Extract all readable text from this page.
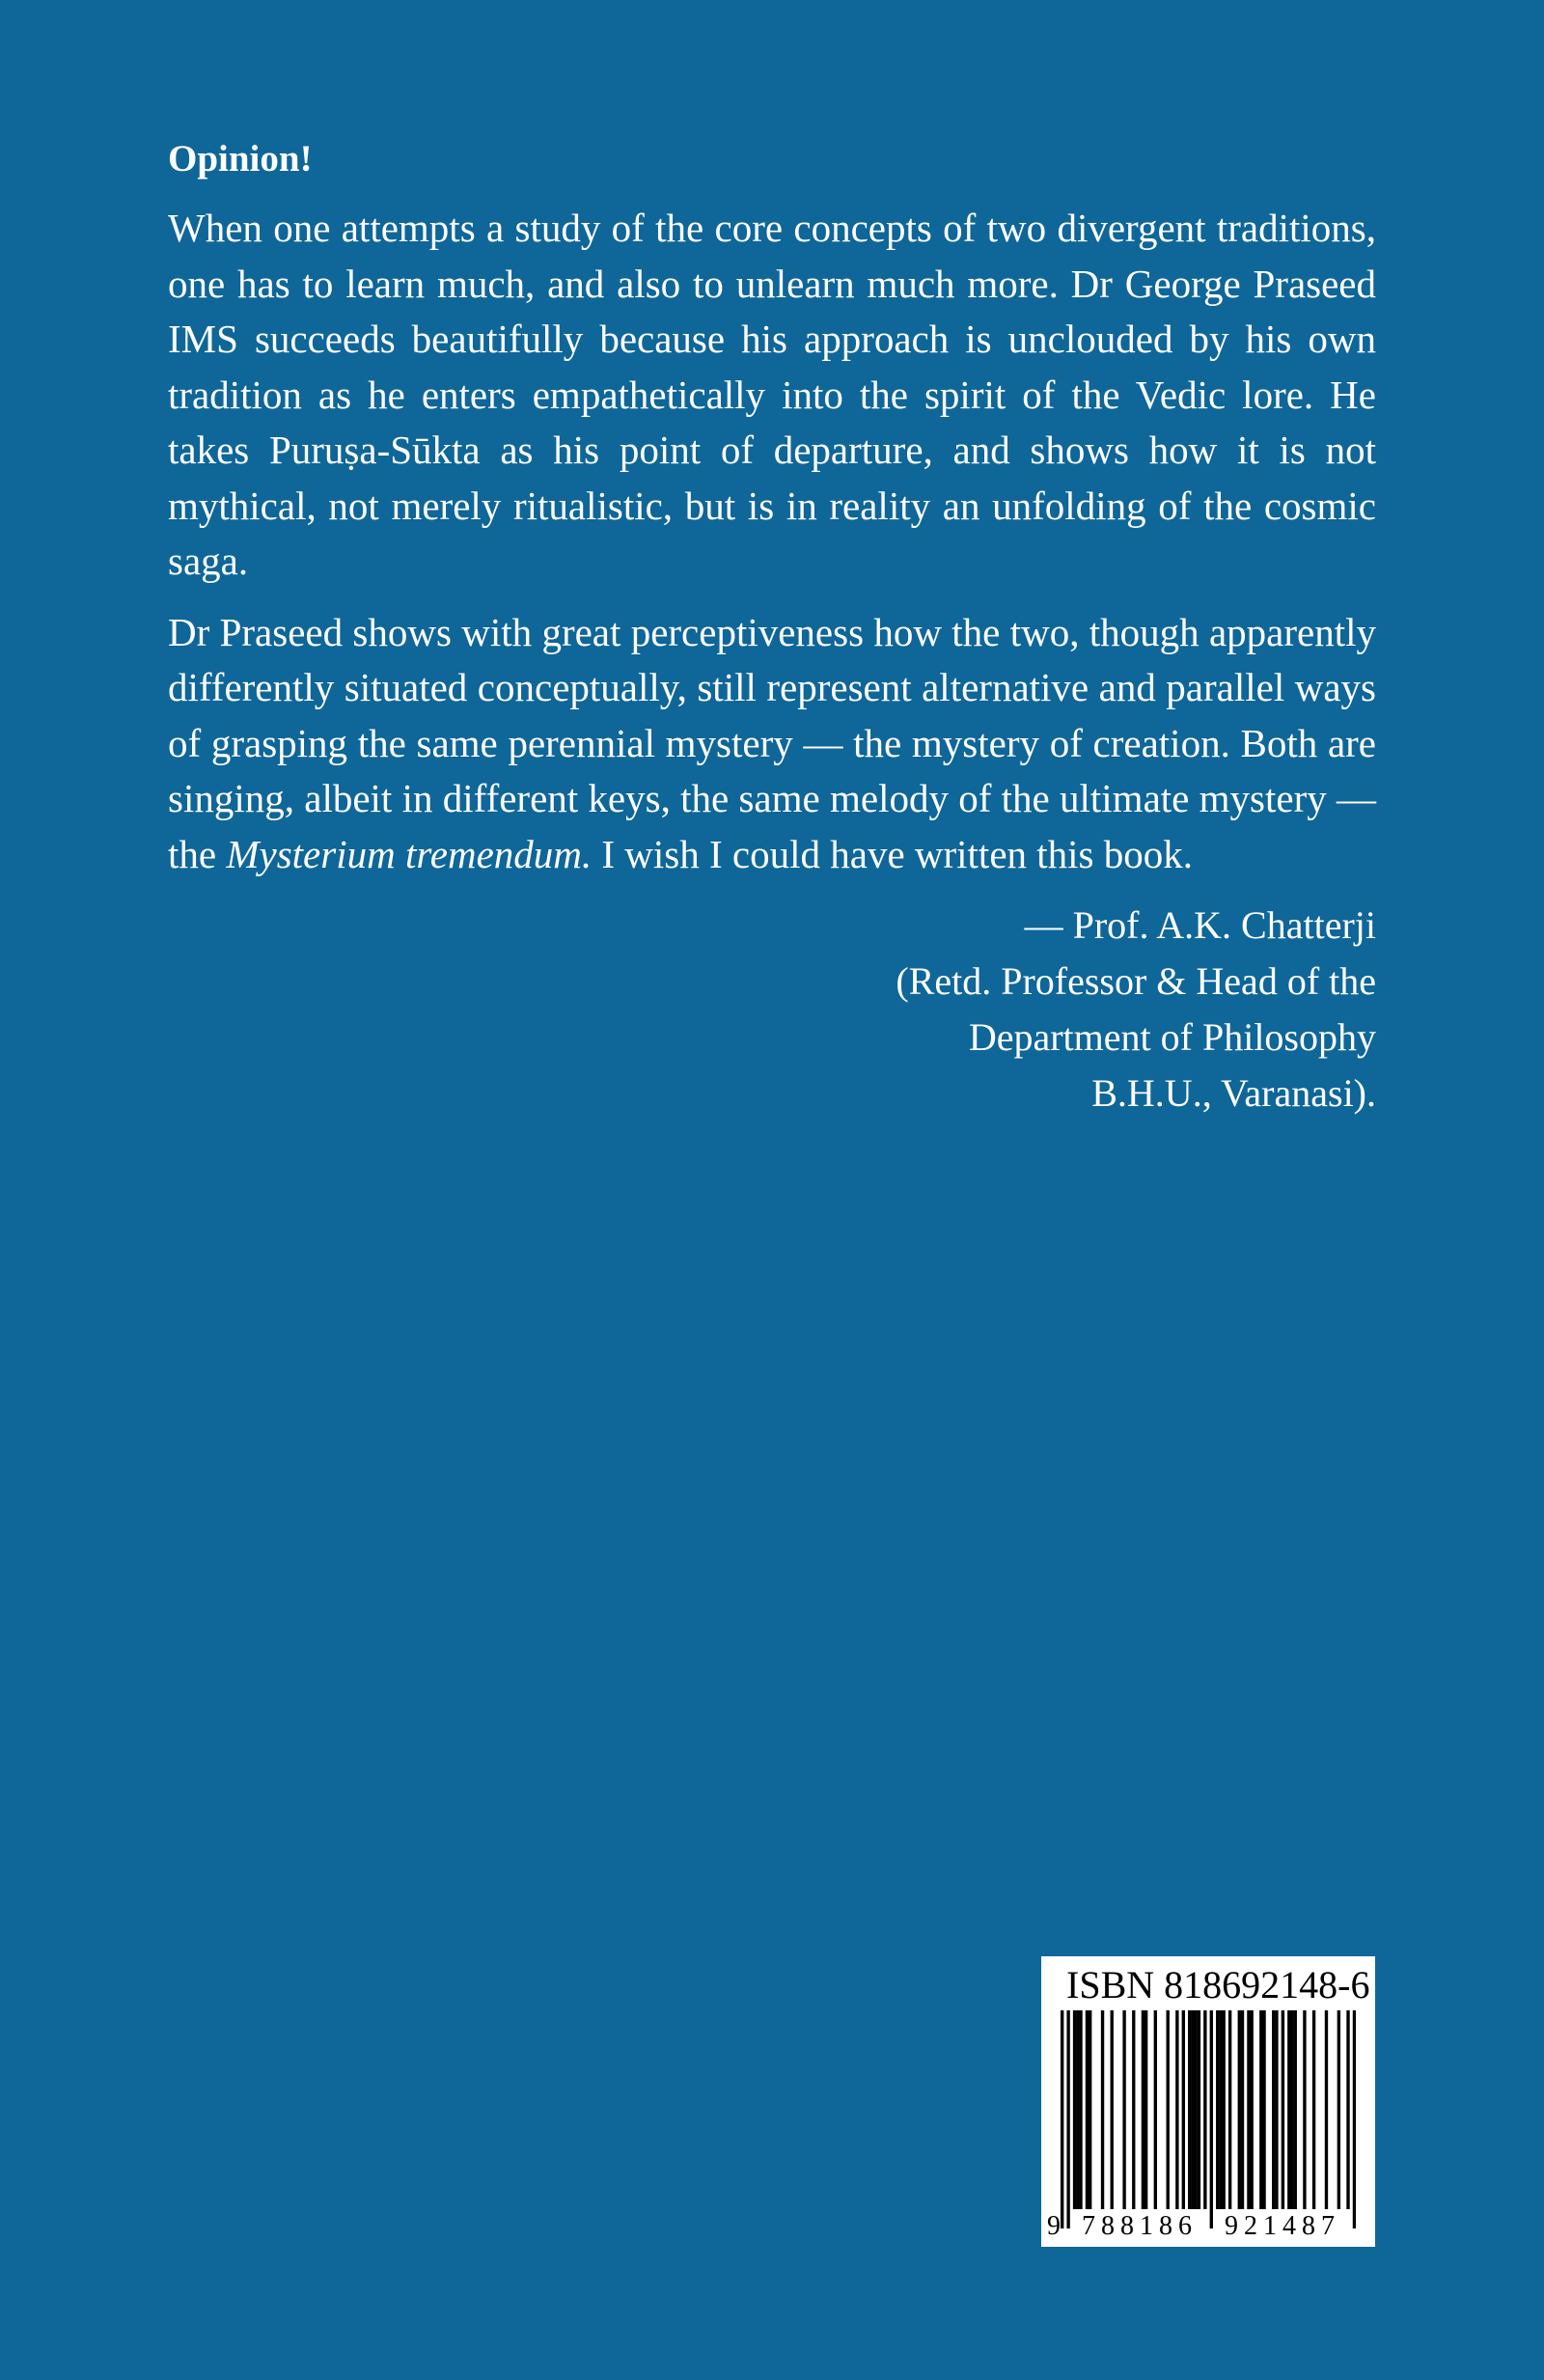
Opinion!

When one attempts a study of the core concepts of two divergent traditions, one has to learn much, and also to unlearn much more. Dr George Praseed IMS succeeds beautifully because his approach is unclouded by his own tradition as he enters empathetically into the spirit of the Vedic lore. He takes Puruṣa-Sūkta as his point of departure, and shows how it is not mythical, not merely ritualistic, but is in reality an unfolding of the cosmic saga.

Dr Praseed shows with great perceptiveness how the two, though apparently differently situated conceptually, still represent alternative and parallel ways of grasping the same perennial mystery — the mystery of creation. Both are singing, albeit in different keys, the same melody of the ultimate mystery — the Mysterium tremendum. I wish I could have written this book.

— Prof. A.K. Chatterji
(Retd. Professor & Head of the
Department of Philosophy
B.H.U., Varanasi).
ISBN 818692148-6
9 788186	921487
